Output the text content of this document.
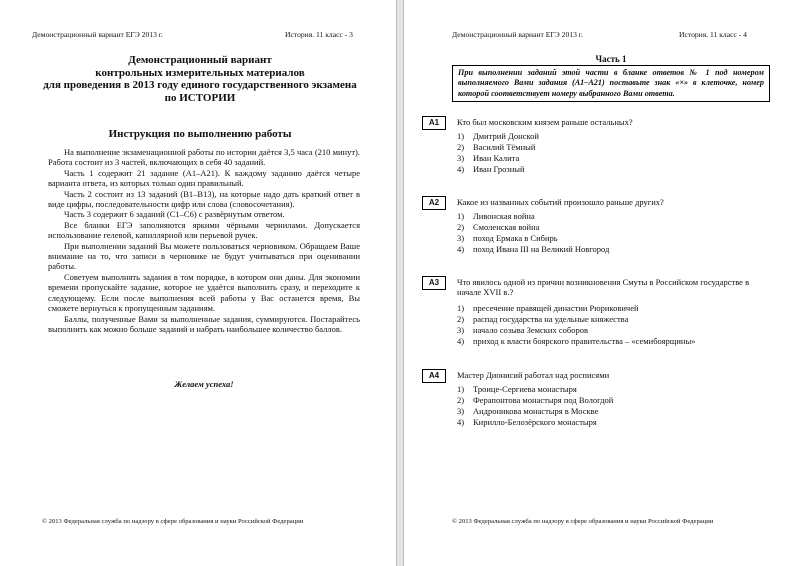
Демонстрационный вариант ЕГЭ 2013 г.	История. 11 класс - 3
Демонстрационный вариант
контрольных измерительных материалов
для проведения в 2013 году единого государственного экзамена
по ИСТОРИИ
Инструкция по выполнению работы

На выполнение экзаменационной работы по истории даётся 3,5 часа (210 минут). Работа состоит из 3 частей, включающих в себя 40 заданий.

Часть 1 содержит 21 задание (А1–А21). К каждому заданию даётся четыре варианта ответа, из которых только один правильный.

Часть 2 состоит из 13 заданий (В1–В13), на которые надо дать краткий ответ в виде цифры, последовательности цифр или слова (словосочетания).

Часть 3 содержит 6 заданий (С1–С6) с развёрнутым ответом.

Все бланки ЕГЭ заполняются яркими чёрными чернилами. Допускается использование гелевой, капиллярной или перьевой ручек.

При выполнении заданий Вы можете пользоваться черновиком. Обращаем Ваше внимание на то, что записи в черновике не будут учитываться при оценивании работы.

Советуем выполнять задания в том порядке, в котором они даны. Для экономии времени пропускайте задание, которое не удаётся выполнить сразу, и переходите к следующему. Если после выполнения всей работы у Вас останется время, Вы сможете вернуться к пропущенным заданиям.

Баллы, полученные Вами за выполненные задания, суммируются. Постарайтесь выполнить как можно больше заданий и набрать наибольшее количество баллов.

Желаем успеха!
© 2013 Федеральная служба по надзору в сфере образования и науки Российской Федерации
Демонстрационный вариант ЕГЭ 2013 г.	История. 11 класс - 4
Часть 1
При выполнении заданий этой части в бланке ответов № 1 под номером выполняемого Вами задания (А1–А21) поставьте знак «×» в клеточке, номер которой соответствует номеру выбранного Вами ответа.
А1	Кто был московским князем раньше остальных?
1) Дмитрий Донской
2) Василий Тёмный
3) Иван Калита
4) Иван Грозный
А2	Какое из названных событий произошло раньше других?
1) Ливонская война
2) Смоленская война
3) поход Ермака в Сибирь
4) поход Ивана III на Великий Новгород
А3	Что явилось одной из причин возникновения Смуты в Российском государстве в начале XVII в.?
1) пресечение правящей династии Рюриковичей
2) распад государства на удельные княжества
3) начало созыва Земских соборов
4) приход к власти боярского правительства – «семибоярщины»
А4	Мастер Дионисий работал над росписями
1) Троице-Сергиева монастыря
2) Ферапонтова монастыря под Вологдой
3) Андроникова монастыря в Москве
4) Кирилло-Белозёрского монастыря
© 2013 Федеральная служба по надзору в сфере образования и науки Российской Федерации
